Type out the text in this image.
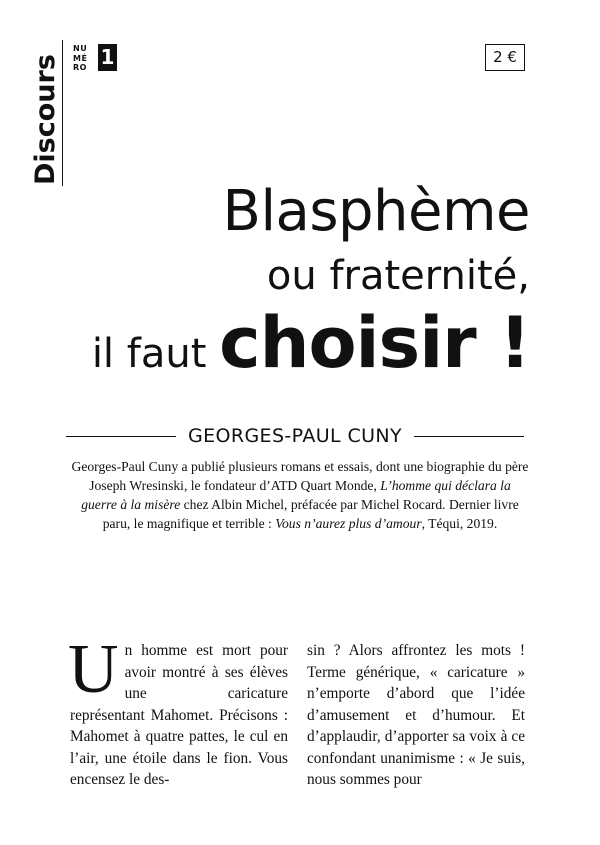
Discours
NU
MÉ
RO 1	2 €
Blasphème
ou fraternité,
il faut choisir !
GEORGES-PAUL CUNY
Georges-Paul Cuny a publié plusieurs romans et essais, dont une biographie du père Joseph Wresinski, le fondateur d’ATD Quart Monde, L’homme qui déclara la guerre à la misère chez Albin Michel, préfacée par Michel Rocard. Dernier livre paru, le magnifique et terrible : Vous n’aurez plus d’amour, Téqui, 2019.
Un homme est mort pour avoir montré à ses élèves une caricature représentant Mahomet. Précisons : Mahomet à quatre pattes, le cul en l’air, une étoile dans le fion. Vous encensez le des-
sin ? Alors affrontez les mots ! Terme générique, « caricature » n’emporte d’abord que l’idée d’amusement et d’humour. Et d’applaudir, d’apporter sa voix à ce confondant unanimisme : « Je suis, nous sommes pour
